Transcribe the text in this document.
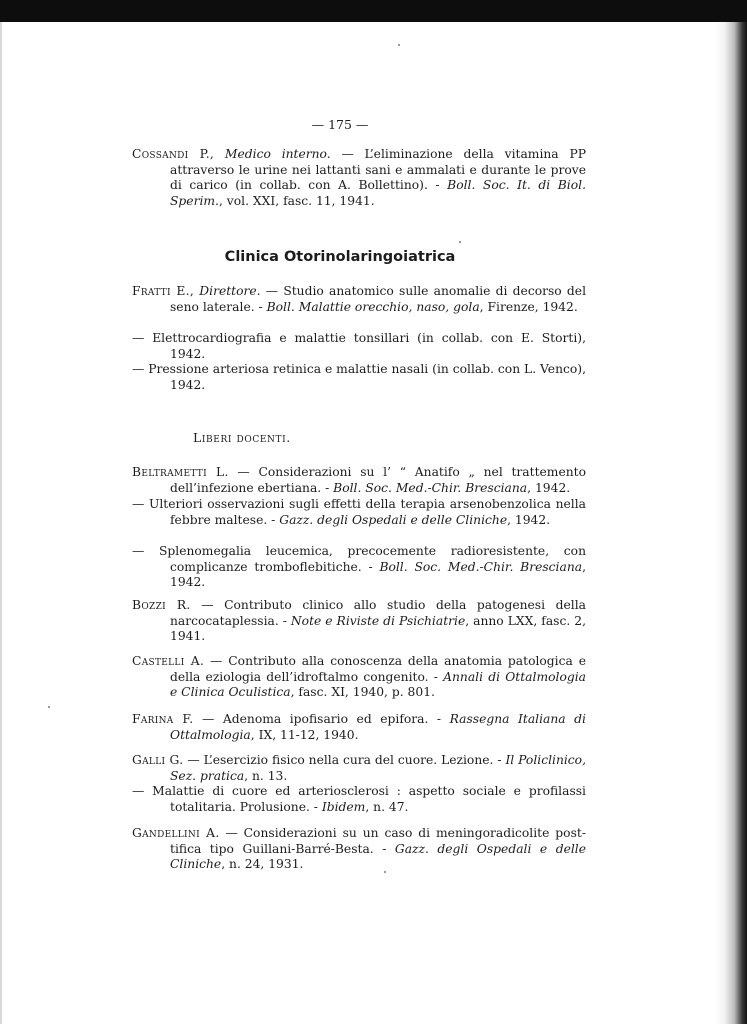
— 175 —
Cossandi P., Medico interno. — L’eliminazione della vitamina PP attraverso le urine nei lattanti sani e ammalati e durante le prove di carico (in collab. con A. Bollettino). - Boll. Soc. It. di Biol. Sperim., vol. XXI, fasc. 11, 1941.
Clinica Otorinolaringoiatrica
Fratti E., Direttore. — Studio anatomico sulle anomalie di decorso del seno laterale. - Boll. Malattie orecchio, naso, gola, Firenze, 1942.
— Elettrocardiografia e malattie tonsillari (in collab. con E. Storti), 1942.
— Pressione arteriosa retinica e malattie nasali (in collab. con L. Venco), 1942.
Liberi docenti.
Beltrametti L. — Considerazioni su l’ “ Anatifo „ nel trattemento dell’infezione ebertiana. - Boll. Soc. Med.-Chir. Bresciana, 1942.
— Ulteriori osservazioni sugli effetti della terapia arsenobenzolica nella febbre maltese. - Gazz. degli Ospedali e delle Cliniche, 1942.
— Splenomegalia leucemica, precocemente radioresistente, con complicanze tromboflebitiche. - Boll. Soc. Med.-Chir. Bresciana, 1942.
Bozzi R. — Contributo clinico allo studio della patogenesi della narcocataplessia. - Note e Riviste di Psichiatrie, anno LXX, fasc. 2, 1941.
Castelli A. — Contributo alla conoscenza della anatomia patologica e della eziologia dell’idroftalmo congenito. - Annali di Ottalmologia e Clinica Oculistica, fasc. XI, 1940, p. 801.
Farina F. — Adenoma ipofisario ed epifora. - Rassegna Italiana di Ottalmologia, IX, 11-12, 1940.
Galli G. — L’esercizio fisico nella cura del cuore. Lezione. - Il Policlinico, Sez. pratica, n. 13.
— Malattie di cuore ed arteriosclerosi : aspetto sociale e profilassi totalitaria. Prolusione. - Ibidem, n. 47.
Gandellini A. — Considerazioni su un caso di meningoradicolite post-tifica tipo Guillani-Barré-Besta. - Gazz. degli Ospedali e delle Cliniche, n. 24, 1931.
